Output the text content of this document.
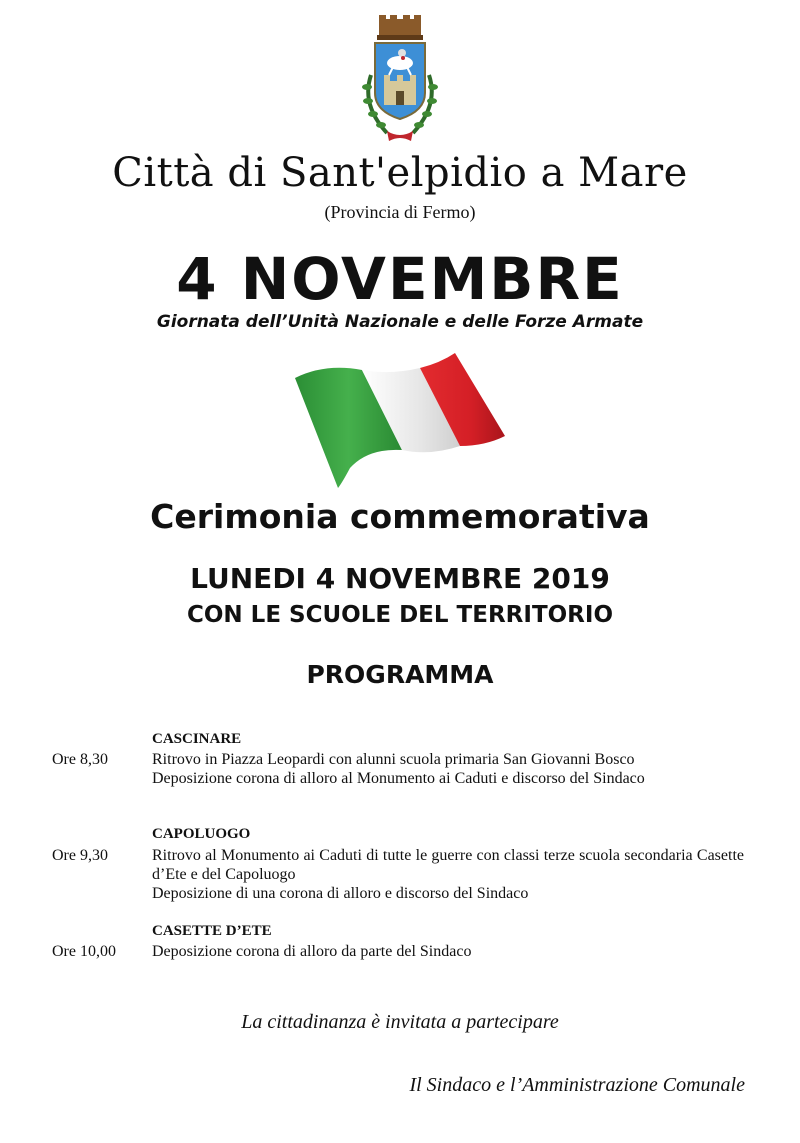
Città di Sant'elpidio a Mare
(Provincia di Fermo)
4 NOVEMBRE
Giornata dell’Unità Nazionale e delle Forze Armate
Cerimonia commemorativa
LUNEDI 4 NOVEMBRE 2019
CON LE SCUOLE DEL TERRITORIO
PROGRAMMA
CASCINARE
Ore 8,30	Ritrovo in Piazza Leopardi con alunni scuola primaria San Giovanni Bosco

Deposizione corona di alloro al Monumento ai Caduti e discorso del Sindaco

CAPOLUOGO
Ore 9,30	Ritrovo al Monumento ai Caduti di tutte le guerre con classi terze scuola secondaria Casette d’Ete e del Capoluogo

Deposizione di una corona di alloro e discorso del Sindaco

CASETTE D’ETE
Ore 10,00 Deposizione corona di alloro da parte del Sindaco

La cittadinanza è invitata a partecipare
Il Sindaco e l’Amministrazione Comunale
